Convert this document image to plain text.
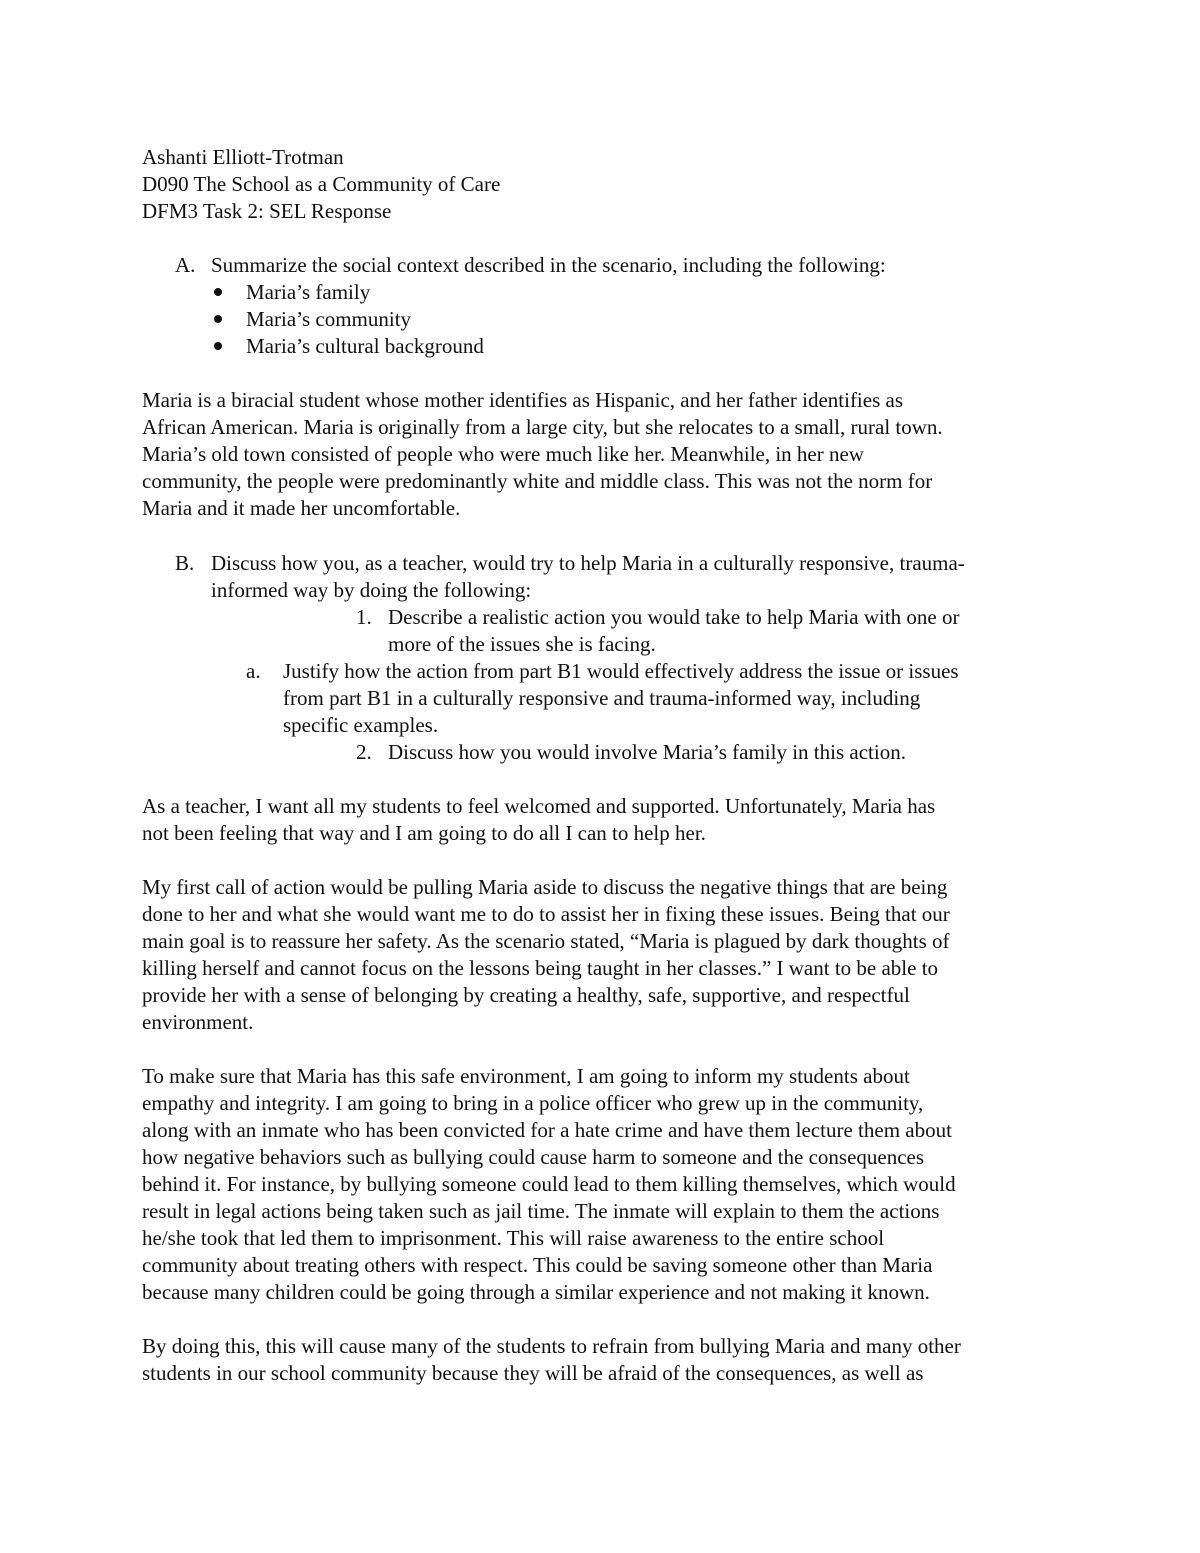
Ashanti Elliott-Trotman
D090 The School as a Community of Care
DFM3 Task 2: SEL Response
A. Summarize the social context described in the scenario, including the following:
Maria’s family
Maria’s community
Maria’s cultural background
Maria is a biracial student whose mother identifies as Hispanic, and her father identifies as
African American. Maria is originally from a large city, but she relocates to a small, rural town.
Maria’s old town consisted of people who were much like her. Meanwhile, in her new
community, the people were predominantly white and middle class. This was not the norm for
Maria and it made her uncomfortable.
B. Discuss how you, as a teacher, would try to help Maria in a culturally responsive, trauma-
informed way by doing the following:
1. Describe a realistic action you would take to help Maria with one or
more of the issues she is facing.
a. Justify how the action from part B1 would effectively address the issue or issues
from part B1 in a culturally responsive and trauma-informed way, including
specific examples.
2. Discuss how you would involve Maria’s family in this action.
As a teacher, I want all my students to feel welcomed and supported. Unfortunately, Maria has
not been feeling that way and I am going to do all I can to help her.
My first call of action would be pulling Maria aside to discuss the negative things that are being
done to her and what she would want me to do to assist her in fixing these issues. Being that our
main goal is to reassure her safety. As the scenario stated, “Maria is plagued by dark thoughts of
killing herself and cannot focus on the lessons being taught in her classes.” I want to be able to
provide her with a sense of belonging by creating a healthy, safe, supportive, and respectful
environment.
To make sure that Maria has this safe environment, I am going to inform my students about
empathy and integrity. I am going to bring in a police officer who grew up in the community,
along with an inmate who has been convicted for a hate crime and have them lecture them about
how negative behaviors such as bullying could cause harm to someone and the consequences
behind it. For instance, by bullying someone could lead to them killing themselves, which would
result in legal actions being taken such as jail time. The inmate will explain to them the actions
he/she took that led them to imprisonment. This will raise awareness to the entire school
community about treating others with respect. This could be saving someone other than Maria
because many children could be going through a similar experience and not making it known.
By doing this, this will cause many of the students to refrain from bullying Maria and many other
students in our school community because they will be afraid of the consequences, as well as
